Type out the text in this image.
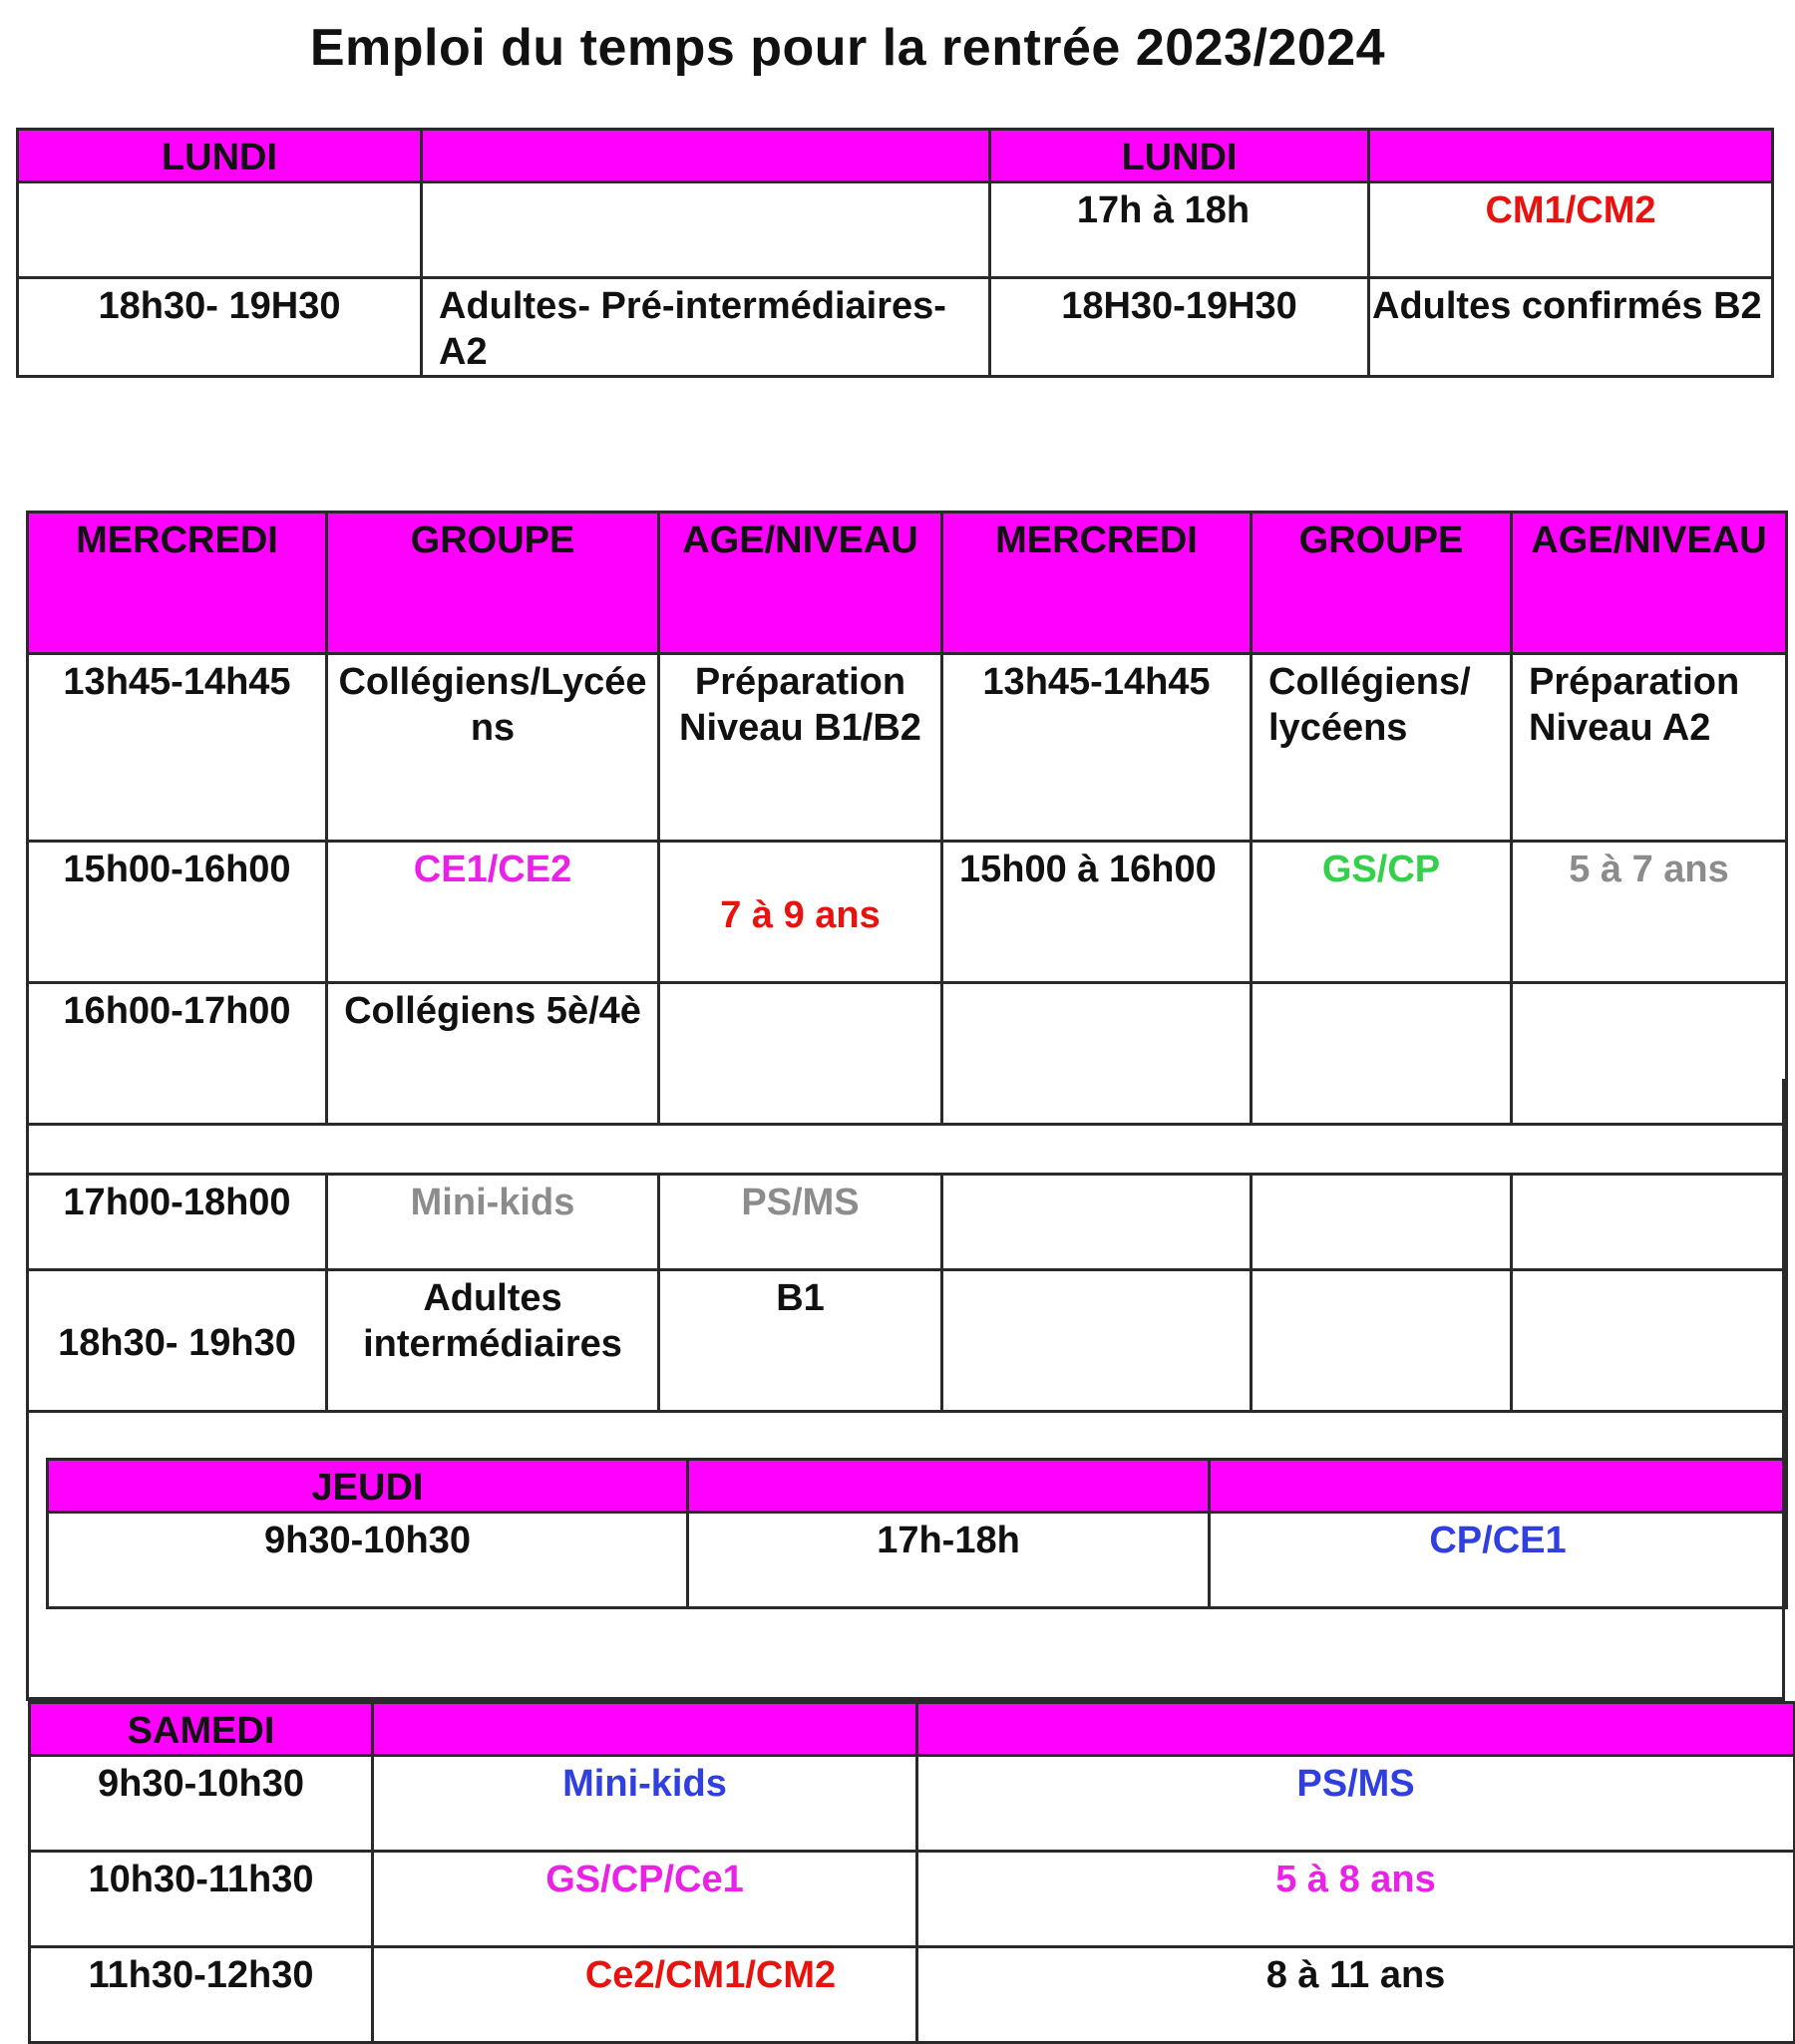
Emploi du temps pour la rentrée 2023/2024
LUNDI		LUNDI	
		17h à 18h	CM1/CM2
18h30- 19H30	Adultes- Pré-intermédiaires- A2	18H30-19H30	Adultes confirmés B2
MERCREDI	GROUPE	AGE/NIVEAU	MERCREDI	GROUPE	AGE/NIVEAU
13h45-14h45	Collégiens/Lycéens	Préparation Niveau B1/B2	13h45-14h45	Collégiens/ lycéens	Préparation Niveau A2
15h00-16h00	CE1/CE2	7 à 9 ans	15h00 à 16h00	GS/CP	5 à 7 ans
16h00-17h00	Collégiens 5è/4è				

17h00-18h00	Mini-kids	PS/MS			
18h30- 19h30	Adultes intermédiaires	B1			

JEUDI		
9h30-10h30	17h-18h	CP/CE1
SAMEDI		
9h30-10h30	Mini-kids	PS/MS
10h30-11h30	GS/CP/Ce1	5 à 8 ans
11h30-12h30	Ce2/CM1/CM2	8 à 11 ans
